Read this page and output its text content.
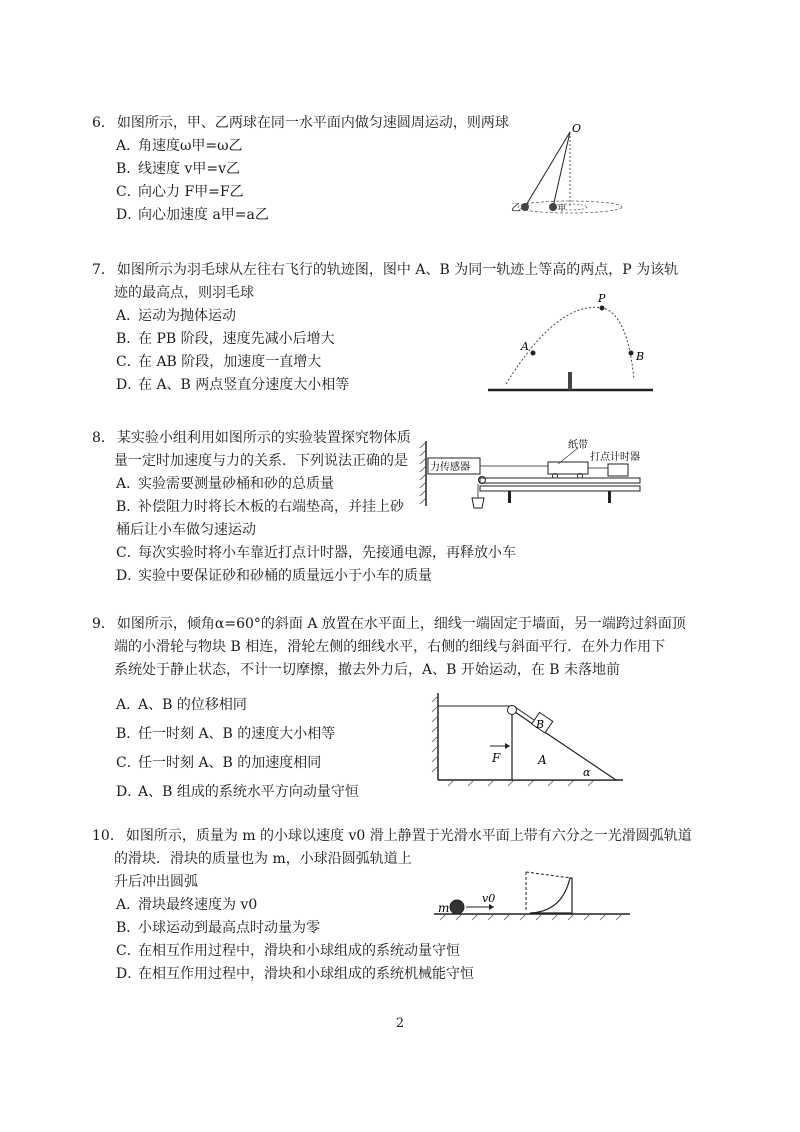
6． 如图所示，甲、乙两球在同一水平面内做匀速圆周运动，则两球

A．角速度ω甲=ω乙

B．线速度 v甲=v乙

C．向心力 F甲=F乙

D．向心加速度 a甲=a乙

O
乙	甲

7． 如图所示为羽毛球从左往右飞行的轨迹图，图中 A、B 为同一轨迹上等高的两点，P 为该轨

迹的最高点，则羽毛球

A．运动为抛体运动

B．在 PB 阶段，速度先减小后增大

C．在 AB 阶段，加速度一直增大

D．在 A、B 两点竖直分速度大小相等

A
P
B

8． 某实验小组利用如图所示的实验装置探究物体质

量一定时加速度与力的关系．下列说法正确的是

A．实验需要测量砂桶和砂的总质量

B．补偿阻力时将长木板的右端垫高，并挂上砂

桶后让小车做匀速运动

C．每次实验时将小车靠近打点计时器，先接通电源，再释放小车

D．实验中要保证砂和砂桶的质量远小于小车的质量

力传感器
纸带
打点计时器

9． 如图所示，倾角α=60°的斜面 A 放置在水平面上，细线一端固定于墙面，另一端跨过斜面顶

端的小滑轮与物块 B 相连，滑轮左侧的细线水平，右侧的细线与斜面平行．在外力作用下

系统处于静止状态，不计一切摩擦，撤去外力后，A、B 开始运动，在 B 未落地前

A．A、B 的位移相同

B．任一时刻 A、B 的速度大小相等

C．任一时刻 A、B 的加速度相同

D．A、B 组成的系统水平方向动量守恒

B
F	A
α

10． 如图所示，质量为 m 的小球以速度 v0 滑上静置于光滑水平面上带有六分之一光滑圆弧轨道

的滑块．滑块的质量也为 m，小球沿圆弧轨道上

升后冲出圆弧

A．滑块最终速度为 v0

B．小球运动到最高点时动量为零

C．在相互作用过程中，滑块和小球组成的系统动量守恒

D．在相互作用过程中，滑块和小球组成的系统机械能守恒

m
v0
2
